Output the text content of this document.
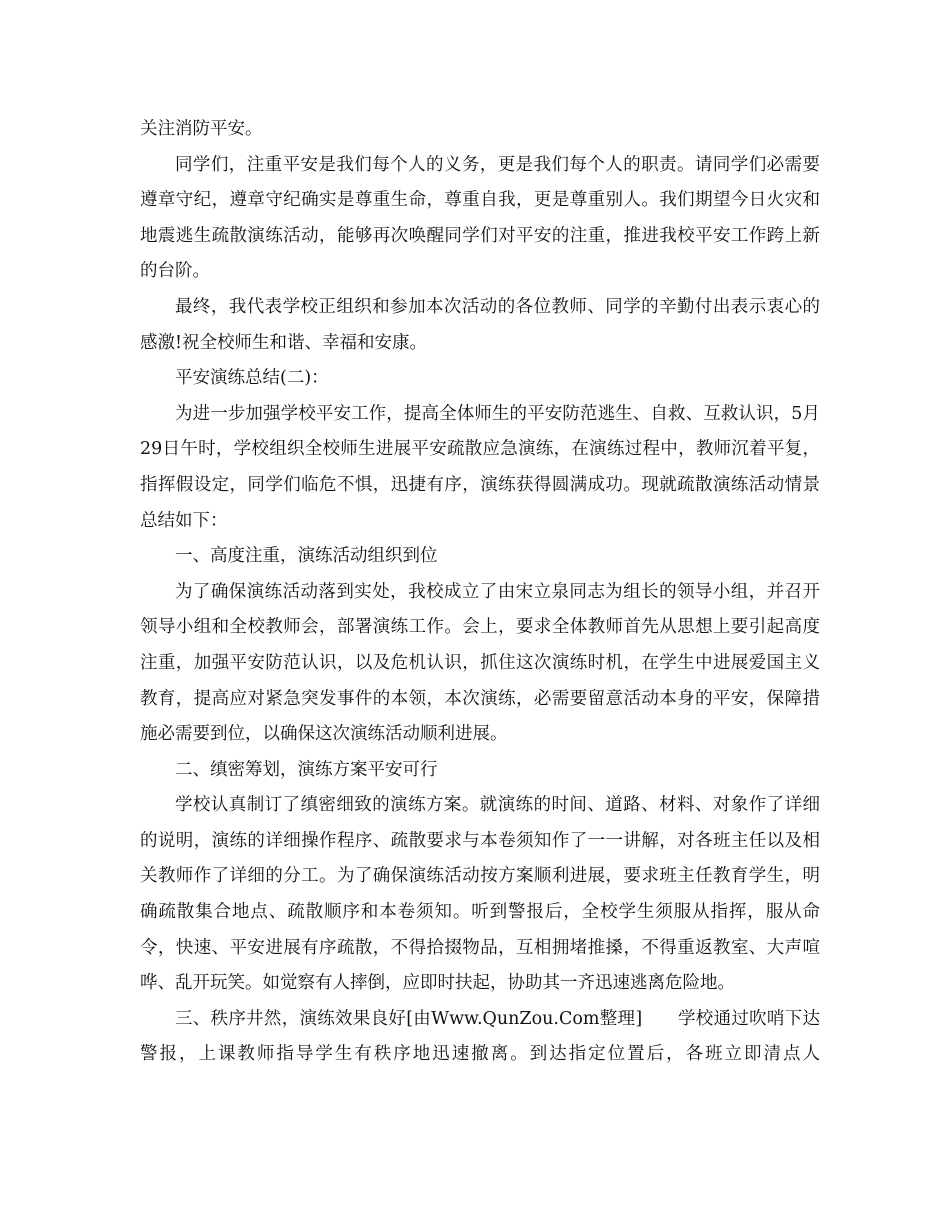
关注消防平安。

同学们，注重平安是我们每个人的义务，更是我们每个人的职责。请同学们必需要遵章守纪，遵章守纪确实是尊重生命，尊重自我，更是尊重别人。我们期望今日火灾和地震逃生疏散演练活动，能够再次唤醒同学们对平安的注重，推进我校平安工作跨上新的台阶。

最终，我代表学校正组织和参加本次活动的各位教师、同学的辛勤付出表示衷心的感激!祝全校师生和谐、幸福和安康。

平安演练总结(二)：

为进一步加强学校平安工作，提高全体师生的平安防范逃生、自救、互救认识，5月29日午时，学校组织全校师生进展平安疏散应急演练，在演练过程中，教师沉着平复，指挥假设定，同学们临危不惧，迅捷有序，演练获得圆满成功。现就疏散演练活动情景总结如下：

一、高度注重，演练活动组织到位

为了确保演练活动落到实处，我校成立了由宋立泉同志为组长的领导小组，并召开领导小组和全校教师会，部署演练工作。会上，要求全体教师首先从思想上要引起高度注重，加强平安防范认识，以及危机认识，抓住这次演练时机，在学生中进展爱国主义教育，提高应对紧急突发事件的本领，本次演练，必需要留意活动本身的平安，保障措施必需要到位，以确保这次演练活动顺利进展。

二、缜密筹划，演练方案平安可行

学校认真制订了缜密细致的演练方案。就演练的时间、道路、材料、对象作了详细的说明，演练的详细操作程序、疏散要求与本卷须知作了一一讲解，对各班主任以及相关教师作了详细的分工。为了确保演练活动按方案顺利进展，要求班主任教育学生，明确疏散集合地点、疏散顺序和本卷须知。听到警报后，全校学生须服从指挥，服从命令，快速、平安进展有序疏散，不得拾掇物品，互相拥堵推搡，不得重返教室、大声喧哗、乱开玩笑。如觉察有人摔倒，应即时扶起，协助其一齐迅速逃离危险地。

三、秩序井然，演练效果良好[由Www.QunZou.Com整理]　　学校通过吹哨下达警报，上课教师指导学生有秩序地迅速撤离。到达指定位置后，各班立即清点人
